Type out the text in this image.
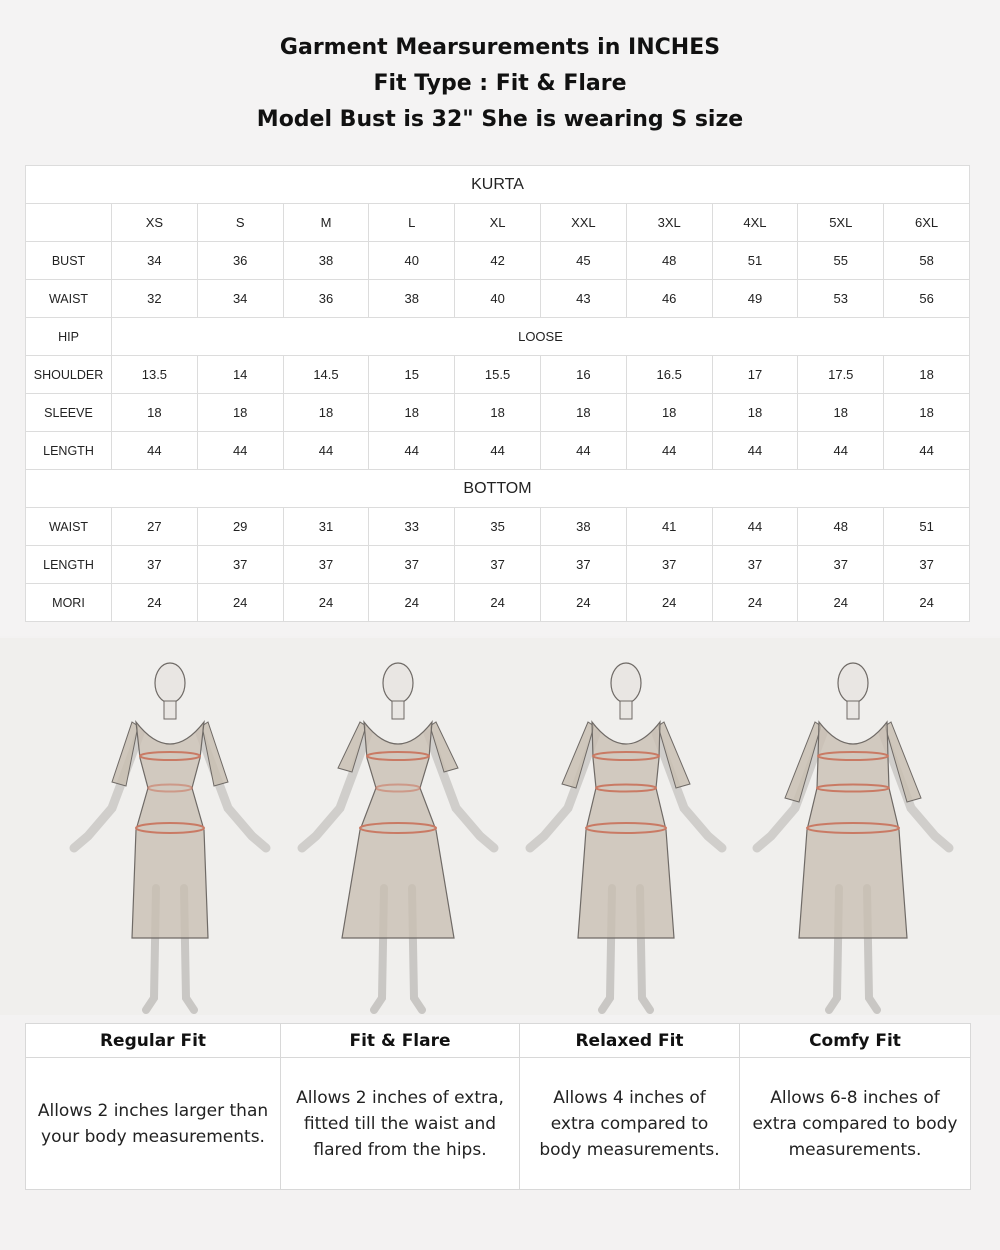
Garment Mearsurements in INCHES
Fit Type : Fit & Flare
Model Bust is 32" She is wearing S size
KURTA										
	XS	S	M	L	XL	XXL	3XL	4XL	5XL	6XL
BUST	34	36	38	40	42	45	48	51	55	58
WAIST	32	34	36	38	40	43	46	49	53	56
HIP	LOOSE									
SHOULDER	13.5	14	14.5	15	15.5	16	16.5	17	17.5	18
SLEEVE	18	18	18	18	18	18	18	18	18	18
LENGTH	44	44	44	44	44	44	44	44	44	44
BOTTOM										
WAIST	27	29	31	33	35	38	41	44	48	51
LENGTH	37	37	37	37	37	37	37	37	37	37
MORI	24	24	24	24	24	24	24	24	24	24
Regular Fit	Fit & Flare	Relaxed Fit	Comfy Fit
Allows 2 inches larger than your body measurements.	Allows 2 inches of extra, fitted till the waist and flared from the hips.	Allows 4 inches of extra compared to body measurements.	Allows 6-8 inches of extra compared to body measurements.
